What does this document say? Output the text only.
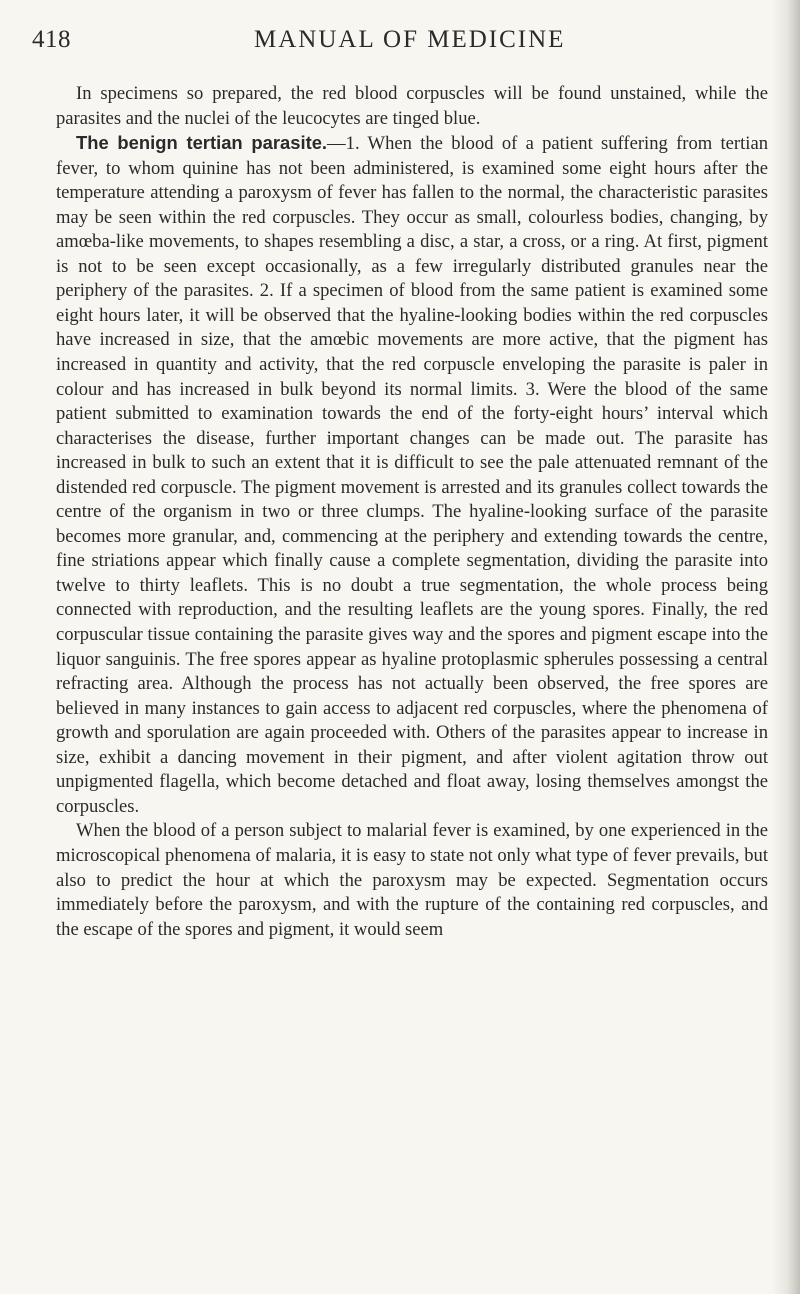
418	MANUAL OF MEDICINE

In specimens so prepared, the red blood corpuscles will be found unstained, while the parasites and the nuclei of the leucocytes are tinged blue.

The benign tertian parasite.—1. When the blood of a patient suffering from tertian fever, to whom quinine has not been administered, is examined some eight hours after the temperature attending a paroxysm of fever has fallen to the normal, the characteristic parasites may be seen within the red corpuscles. They occur as small, colourless bodies, changing, by amœba-like movements, to shapes resembling a disc, a star, a cross, or a ring. At first, pigment is not to be seen except occasionally, as a few irregularly distributed granules near the periphery of the parasites. 2. If a specimen of blood from the same patient is examined some eight hours later, it will be observed that the hyaline-looking bodies within the red corpuscles have increased in size, that the amœbic movements are more active, that the pigment has increased in quantity and activity, that the red corpuscle enveloping the parasite is paler in colour and has increased in bulk beyond its normal limits. 3. Were the blood of the same patient submitted to examination towards the end of the forty-eight hours’ interval which characterises the disease, further important changes can be made out. The parasite has increased in bulk to such an extent that it is difficult to see the pale attenuated remnant of the distended red corpuscle. The pigment movement is arrested and its granules collect towards the centre of the organism in two or three clumps. The hyaline-looking surface of the parasite becomes more granular, and, commencing at the periphery and extending towards the centre, fine striations appear which finally cause a complete segmentation, dividing the parasite into twelve to thirty leaflets. This is no doubt a true segmentation, the whole process being connected with reproduction, and the resulting leaflets are the young spores. Finally, the red corpuscular tissue containing the parasite gives way and the spores and pigment escape into the liquor sanguinis. The free spores appear as hyaline protoplasmic spherules possessing a central refracting area. Although the process has not actually been observed, the free spores are believed in many instances to gain access to adjacent red corpuscles, where the phenomena of growth and sporulation are again proceeded with. Others of the parasites appear to increase in size, exhibit a dancing movement in their pigment, and after violent agitation throw out unpigmented flagella, which become detached and float away, losing themselves amongst the corpuscles.

When the blood of a person subject to malarial fever is examined, by one experienced in the microscopical phenomena of malaria, it is easy to state not only what type of fever prevails, but also to predict the hour at which the paroxysm may be expected. Segmentation occurs immediately before the paroxysm, and with the rupture of the containing red corpuscles, and the escape of the spores and pigment, it would seem
